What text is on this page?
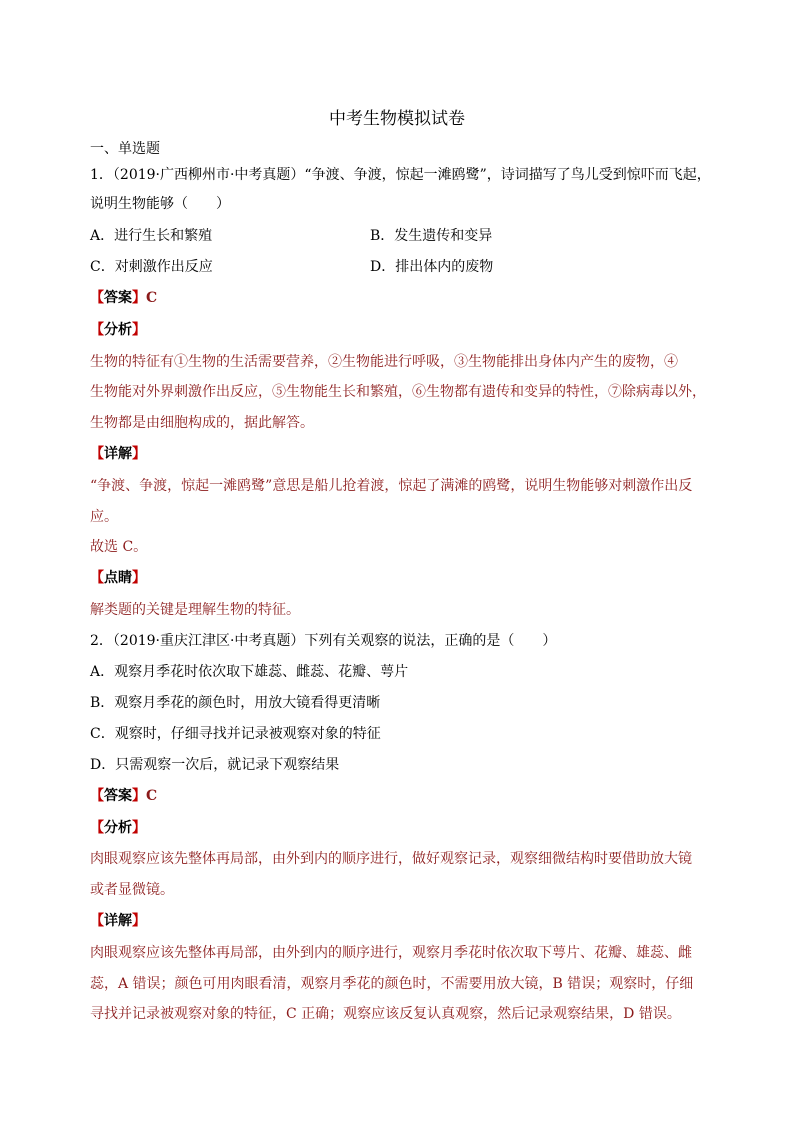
中考生物模拟试卷
一、单选题
1．（2019·广西柳州市·中考真题）“争渡、争渡，惊起一滩鸥鹭”，诗词描写了鸟儿受到惊吓而飞起，
说明生物能够（　　）
A．进行生长和繁殖	B．发生遗传和变异
C．对刺激作出反应	D．排出体内的废物
【答案】C
【分析】
生物的特征有①生物的生活需要营养，②生物能进行呼吸，③生物能排出身体内产生的废物，④
生物能对外界刺激作出反应，⑤生物能生长和繁殖，⑥生物都有遗传和变异的特性，⑦除病毒以外，
生物都是由细胞构成的，据此解答。
【详解】
“争渡、争渡，惊起一滩鸥鹭”意思是船儿抢着渡，惊起了满滩的鸥鹭，说明生物能够对刺激作出反
应。
故选 C。
【点睛】
解类题的关键是理解生物的特征。
2．（2019·重庆江津区·中考真题）下列有关观察的说法，正确的是（　　）
A．观察月季花时依次取下雄蕊、雌蕊、花瓣、萼片
B．观察月季花的颜色时，用放大镜看得更清晰
C．观察时，仔细寻找并记录被观察对象的特征
D．只需观察一次后，就记录下观察结果
【答案】C
【分析】
肉眼观察应该先整体再局部，由外到内的顺序进行，做好观察记录，观察细微结构时要借助放大镜
或者显微镜。
【详解】
肉眼观察应该先整体再局部，由外到内的顺序进行，观察月季花时依次取下萼片、花瓣、雄蕊、雌
蕊，A 错误；颜色可用肉眼看清，观察月季花的颜色时，不需要用放大镜，B 错误；观察时，仔细
寻找并记录被观察对象的特征，C 正确；观察应该反复认真观察，然后记录观察结果，D 错误。
